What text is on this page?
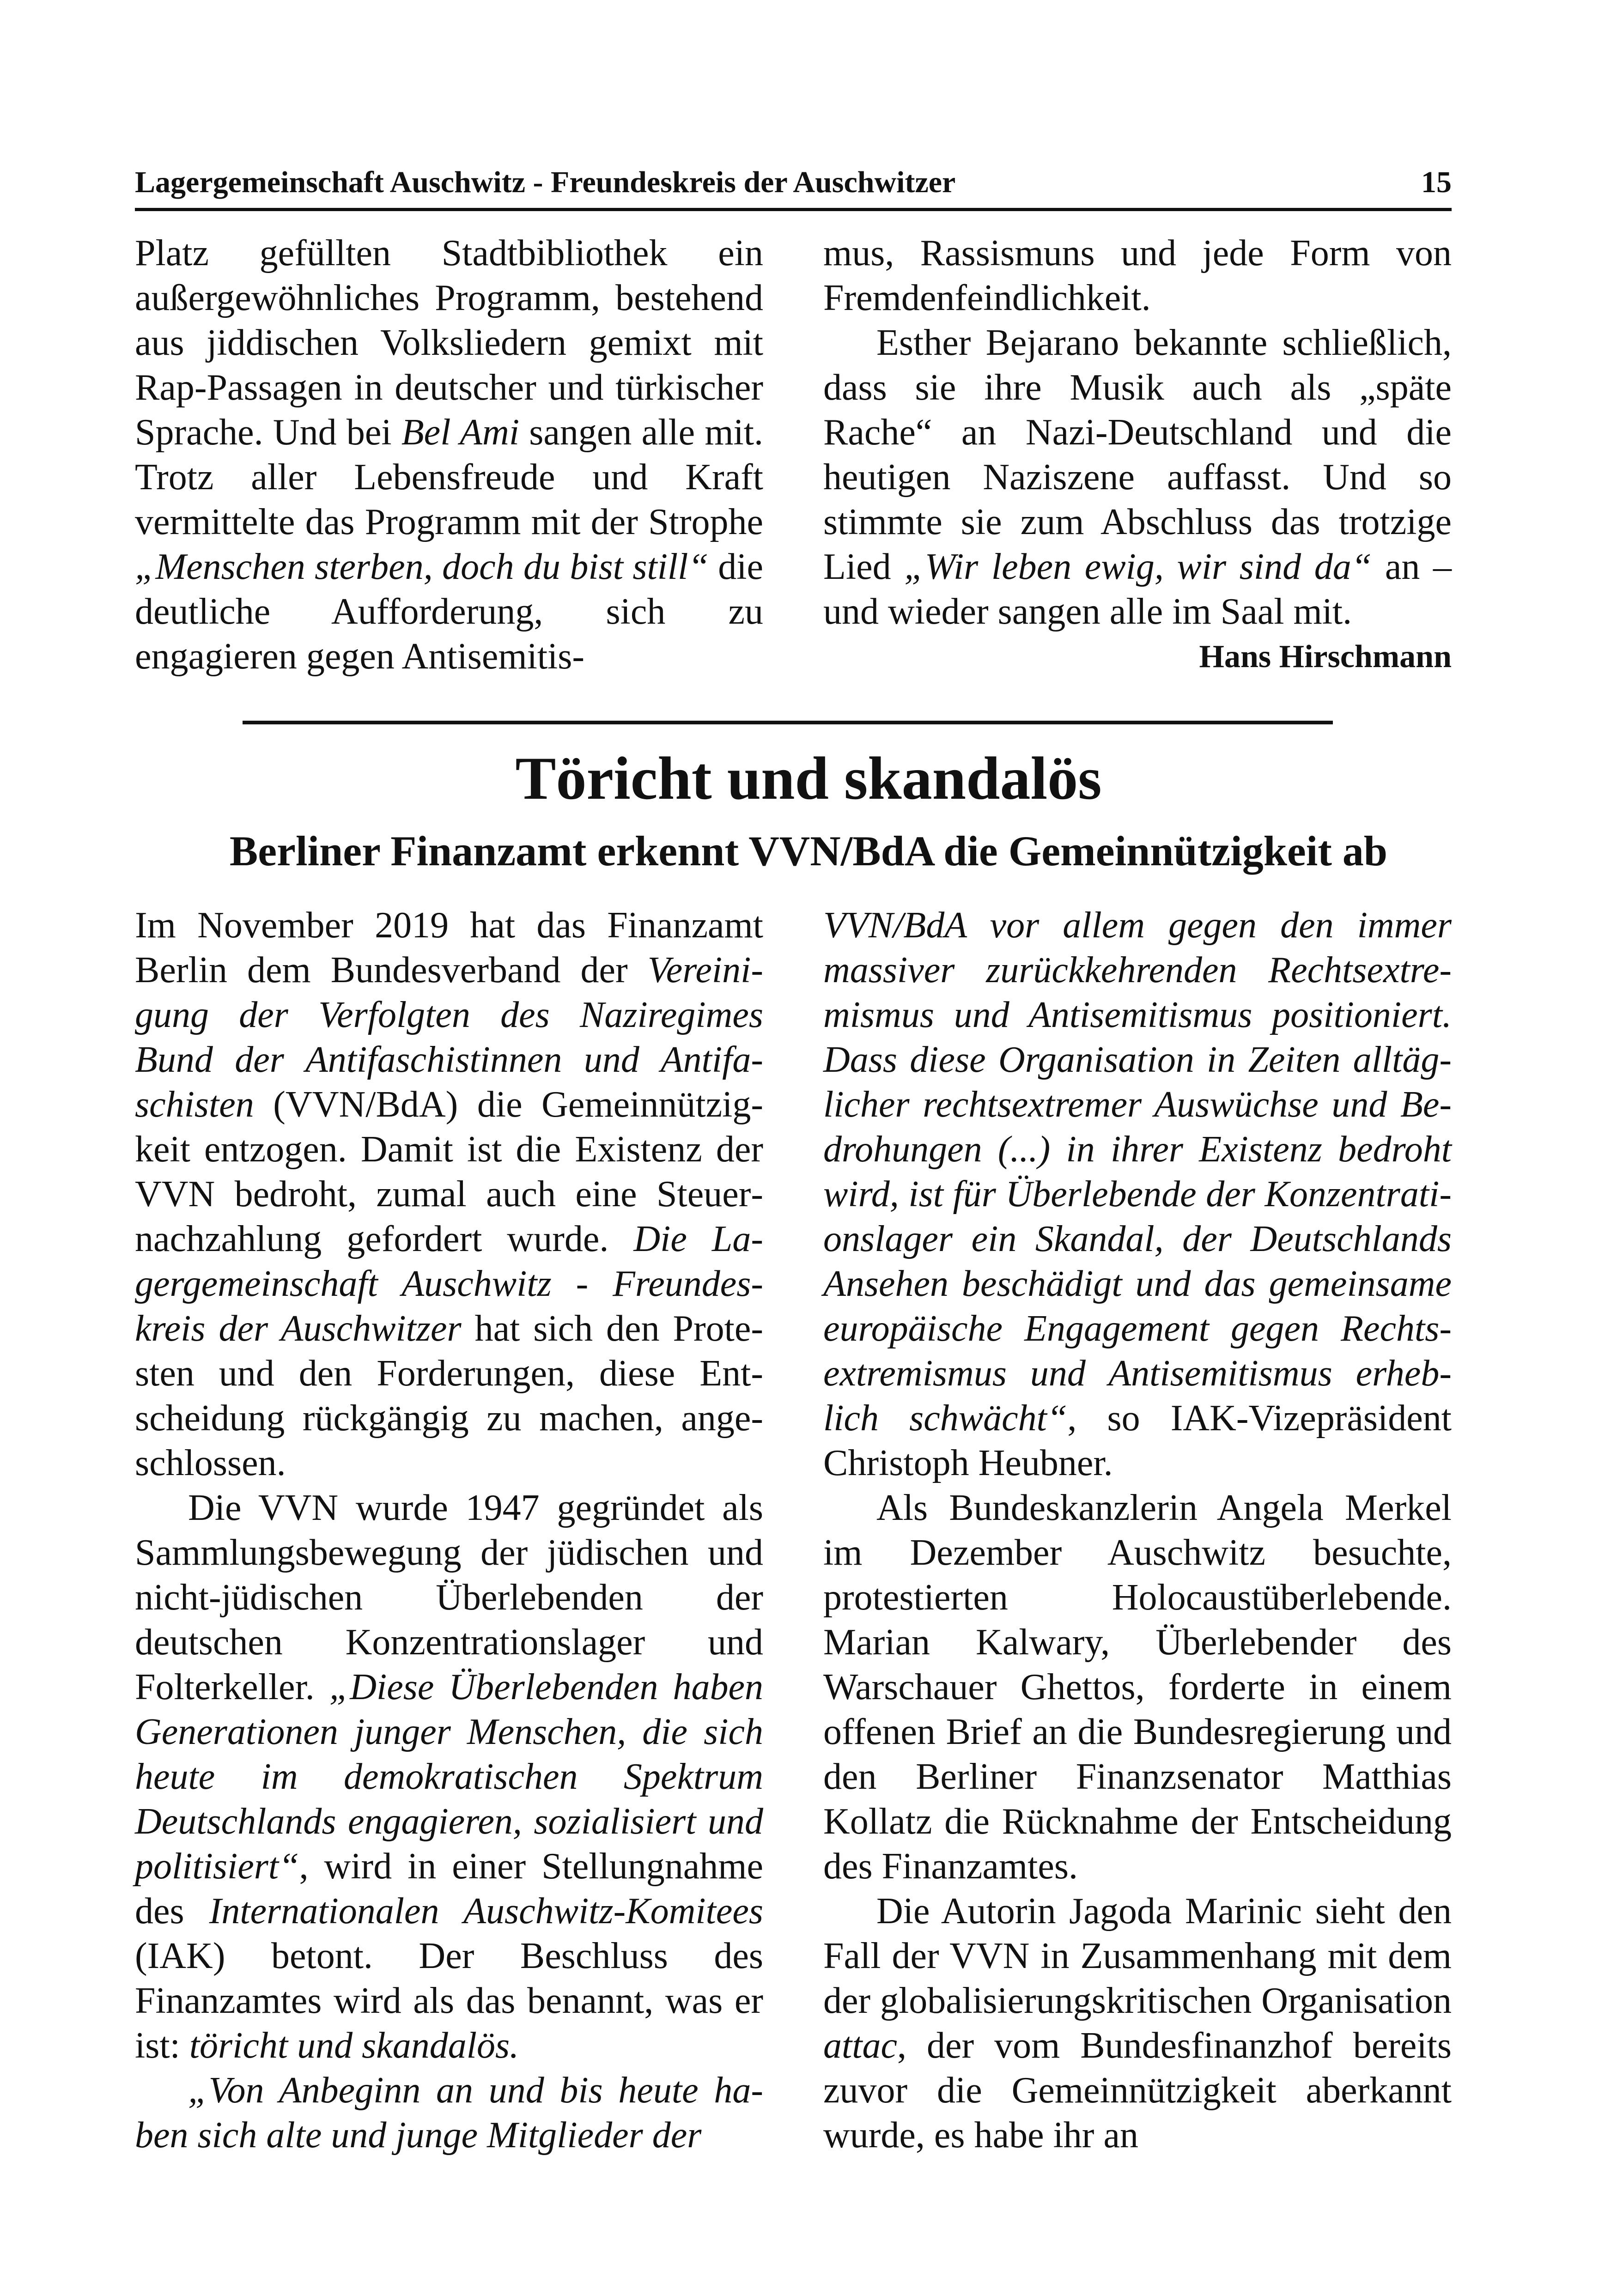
Lagergemeinschaft Auschwitz - Freundeskreis der Auschwitzer	15

Platz gefüllten Stadtbibliothek ein außergewöhnliches Programm, bestehend aus jiddischen Volksliedern gemixt mit Rap-Passagen in deutscher und türkischer Sprache. Und bei Bel Ami sangen alle mit. Trotz aller Lebensfreude und Kraft vermittelte das Programm mit der Strophe „Menschen sterben, doch du bist still“ die deutliche Aufforderung, sich zu engagieren gegen Antisemitis-

mus, Rassismuns und jede Form von Fremdenfeindlichkeit.

Esther Bejarano bekannte schließlich, dass sie ihre Musik auch als „späte Rache“ an Nazi-Deutschland und die heutigen Naziszene auffasst. Und so stimmte sie zum Abschluss das trotzige Lied „Wir leben ewig, wir sind da“ an – und wieder sangen alle im Saal mit.

Hans Hirschmann
Töricht und skandalös
Berliner Finanzamt erkennt VVN/BdA die Gemeinnützigkeit ab

Im November 2019 hat das Finanzamt Berlin dem Bundesverband der Vereinigung der Verfolgten des Naziregimes Bund der Antifaschistinnen und Antifaschisten (VVN/BdA) die Gemeinnützigkeit entzogen. Damit ist die Existenz der VVN bedroht, zumal auch eine Steuernachzahlung gefordert wurde. Die Lagergemeinschaft Auschwitz - Freundeskreis der Auschwitzer hat sich den Protesten und den Forderungen, diese Entscheidung rückgängig zu machen, angeschlossen.

Die VVN wurde 1947 gegründet als Sammlungsbewegung der jüdischen und nicht-jüdischen Überlebenden der deutschen Konzentrationslager und Folterkeller. „Diese Überlebenden haben Generationen junger Menschen, die sich heute im demokratischen Spektrum Deutschlands engagieren, sozialisiert und politisiert“, wird in einer Stellungnahme des Internationalen Auschwitz-Komitees (IAK) betont. Der Beschluss des Finanzamtes wird als das benannt, was er ist: töricht und skandalös.

„Von Anbeginn an und bis heute haben sich alte und junge Mitglieder der

VVN/BdA vor allem gegen den immer massiver zurückkehrenden Rechtsextremismus und Antisemitismus positioniert. Dass diese Organisation in Zeiten alltäglicher rechtsextremer Auswüchse und Bedrohungen (...) in ihrer Existenz bedroht wird, ist für Überlebende der Konzentrationslager ein Skandal, der Deutschlands Ansehen beschädigt und das gemeinsame europäische Engagement gegen Rechtsextremismus und Antisemitismus erheblich schwächt“, so IAK-Vizepräsident Christoph Heubner.

Als Bundeskanzlerin Angela Merkel im Dezember Auschwitz besuchte, protestierten Holocaustüberlebende. Marian Kalwary, Überlebender des Warschauer Ghettos, forderte in einem offenen Brief an die Bundesregierung und den Berliner Finanzsenator Matthias Kollatz die Rücknahme der Entscheidung des Finanzamtes.

Die Autorin Jagoda Marinic sieht den Fall der VVN in Zusammenhang mit dem der globalisierungskritischen Organisation attac, der vom Bundesfinanzhof bereits zuvor die Gemeinnützigkeit aberkannt wurde, es habe ihr an
